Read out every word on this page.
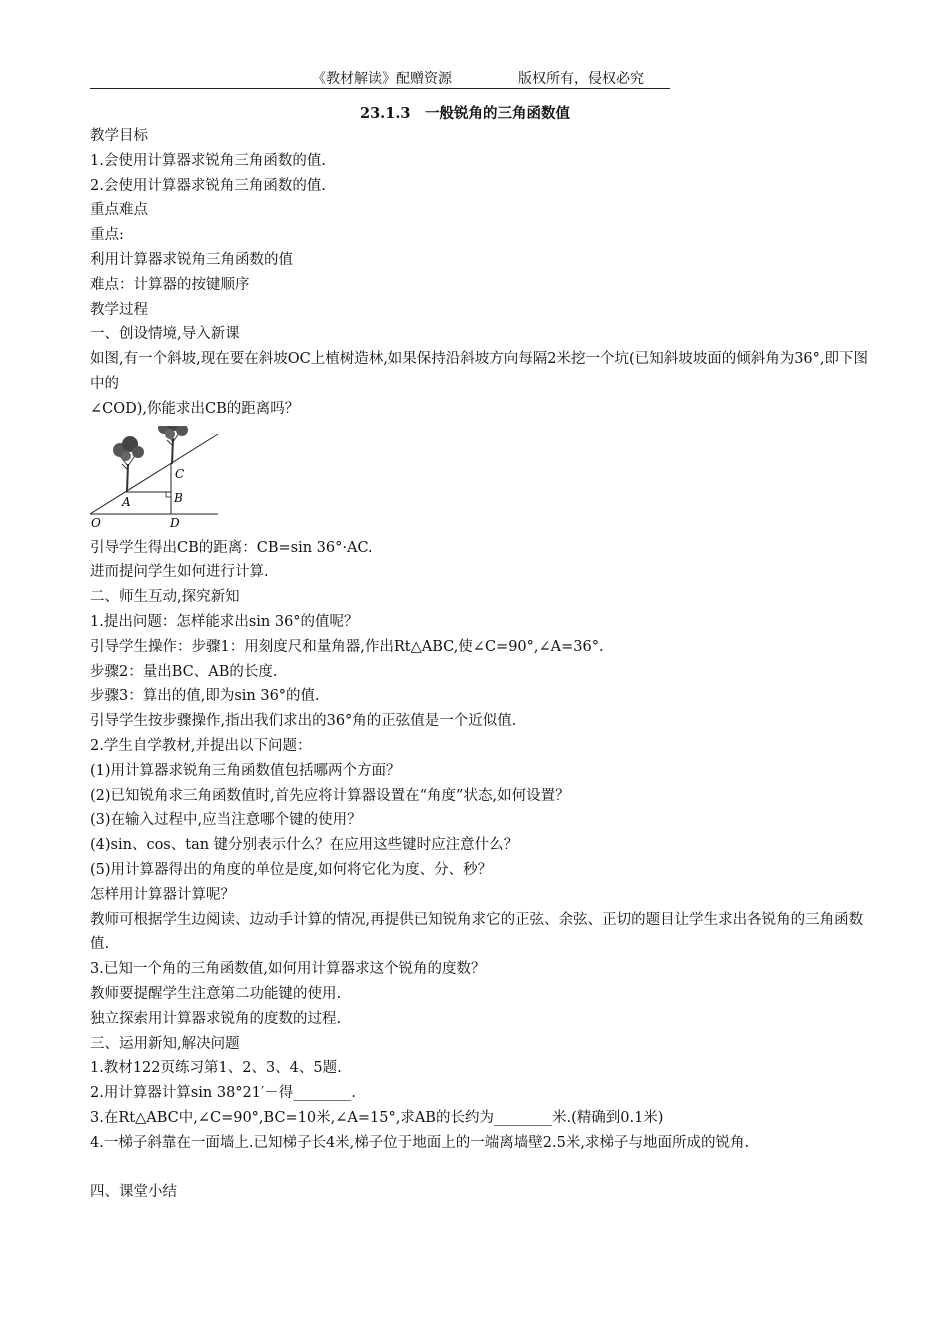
《教材解读》配赠资源	版权所有，侵权必究
23.1.3　一般锐角的三角函数值
教学目标
1.会使用计算器求锐角三角函数的值.
2.会使用计算器求锐角三角函数的值.
重点难点
重点:
利用计算器求锐角三角函数的值
难点：计算器的按键顺序
教学过程
一、创设情境,导入新课
如图,有一个斜坡,现在要在斜坡OC上植树造林,如果保持沿斜坡方向每隔2米挖一个坑(已知斜坡坡面的倾斜角为36°,即下图中的
∠COD),你能求出CB的距离吗？
O
A	B
C
D
引导学生得出CB的距离：CB=sin 36°·AC.
进而提问学生如何进行计算.
二、师生互动,探究新知
1.提出问题：怎样能求出sin 36°的值呢？
引导学生操作：步骤1：用刻度尺和量角器,作出Rt△ABC,使∠C=90°,∠A=36°.
步骤2：量出BC、AB的长度.
步骤3：算出的值,即为sin 36°的值.
引导学生按步骤操作,指出我们求出的36°角的正弦值是一个近似值.
2.学生自学教材,并提出以下问题：
(1)用计算器求锐角三角函数值包括哪两个方面？
(2)已知锐角求三角函数值时,首先应将计算器设置在“角度”状态,如何设置？
(3)在输入过程中,应当注意哪个键的使用？
(4)sin、cos、tan 键分别表示什么？在应用这些键时应注意什么？
(5)用计算器得出的角度的单位是度,如何将它化为度、分、秒？
怎样用计算器计算呢？
教师可根据学生边阅读、边动手计算的情况,再提供已知锐角求它的正弦、余弦、正切的题目让学生求出各锐角的三角函数值.
3.已知一个角的三角函数值,如何用计算器求这个锐角的度数？
教师要提醒学生注意第二功能键的使用.
独立探索用计算器求锐角的度数的过程.
三、运用新知,解决问题
1.教材122页练习第1、2、3、4、5题.
2.用计算器计算sin 38°21′－得________.
3.在Rt△ABC中,∠C=90°,BC=10米,∠A=15°,求AB的长约为________米.(精确到0.1米)
4.一梯子斜靠在一面墙上.已知梯子长4米,梯子位于地面上的一端离墙壁2.5米,求梯子与地面所成的锐角.
四、课堂小结
